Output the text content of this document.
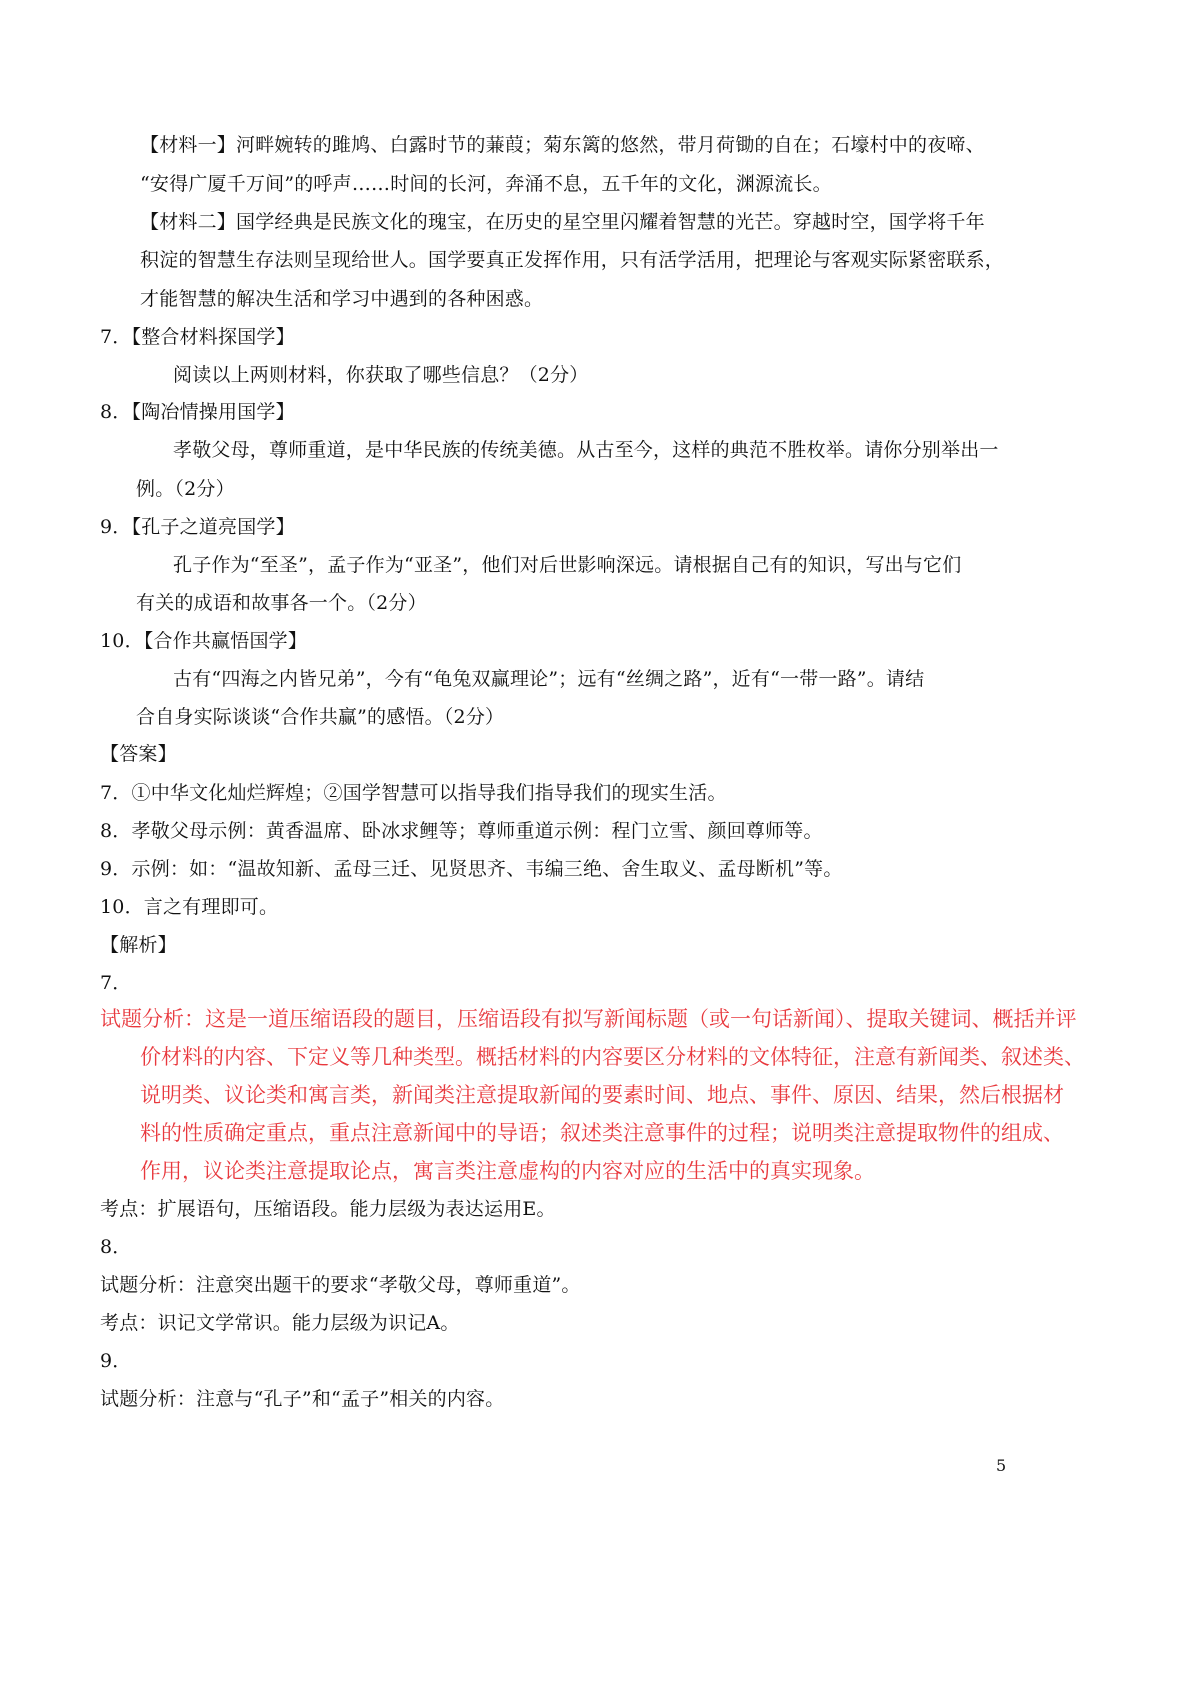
【材料一】河畔婉转的雎鸠、白露时节的蒹葭；菊东篱的悠然，带月荷锄的自在；石壕村中的夜啼、
“安得广厦千万间”的呼声……时间的长河，奔涌不息，五千年的文化，渊源流长。
【材料二】国学经典是民族文化的瑰宝，在历史的星空里闪耀着智慧的光芒。穿越时空，国学将千年
积淀的智慧生存法则呈现给世人。国学要真正发挥作用，只有活学活用，把理论与客观实际紧密联系，
才能智慧的解决生活和学习中遇到的各种困惑。
7．【整合材料探国学】
阅读以上两则材料，你获取了哪些信息？（2分）
8．【陶冶情操用国学】
孝敬父母，尊师重道，是中华民族的传统美德。从古至今，这样的典范不胜枚举。请你分别举出一
例。（2分）
9．【孔子之道亮国学】
孔子作为“至圣”，孟子作为“亚圣”，他们对后世影响深远。请根据自己有的知识，写出与它们
有关的成语和故事各一个。（2分）
10．【合作共赢悟国学】
古有“四海之内皆兄弟”，今有“龟兔双赢理论”；远有“丝绸之路”，近有“一带一路”。请结
合自身实际谈谈“合作共赢”的感悟。（2分）
【答案】
7．①中华文化灿烂辉煌；②国学智慧可以指导我们指导我们的现实生活。
8．孝敬父母示例：黄香温席、卧冰求鲤等；尊师重道示例：程门立雪、颜回尊师等。
9．示例：如：“温故知新、孟母三迁、见贤思齐、韦编三绝、舍生取义、孟母断机”等。
10．言之有理即可。
【解析】
7．
试题分析：这是一道压缩语段的题目，压缩语段有拟写新闻标题（或一句话新闻）、提取关键词、概括并评
价材料的内容、下定义等几种类型。概括材料的内容要区分材料的文体特征，注意有新闻类、叙述类、
说明类、议论类和寓言类，新闻类注意提取新闻的要素时间、地点、事件、原因、结果，然后根据材
料的性质确定重点，重点注意新闻中的导语；叙述类注意事件的过程；说明类注意提取物件的组成、
作用，议论类注意提取论点，寓言类注意虚构的内容对应的生活中的真实现象。
考点：扩展语句，压缩语段。能力层级为表达运用E。
8．
试题分析：注意突出题干的要求“孝敬父母，尊师重道”。
考点：识记文学常识。能力层级为识记A。
9．
试题分析：注意与“孔子”和“孟子”相关的内容。
5
